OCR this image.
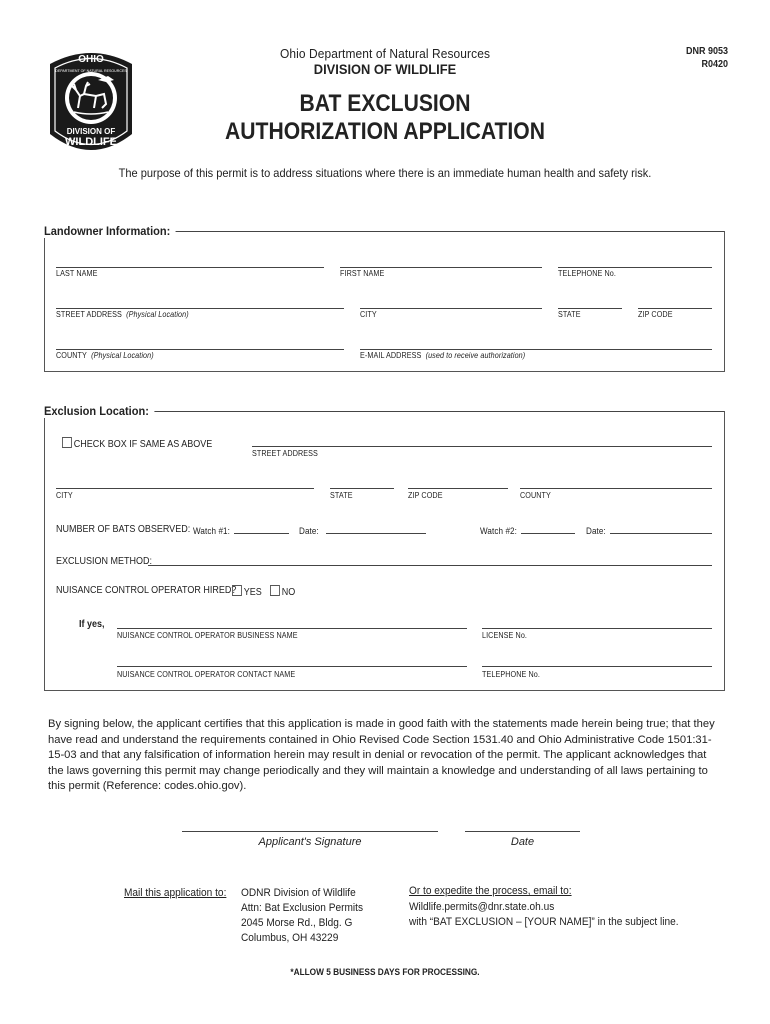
OHIO
DEPARTMENT OF NATURAL RESOURCES
DIVISION OF
WILDLIFE
Ohio Department of Natural Resources
DIVISION OF WILDLIFE
DNR 9053
R0420
BAT EXCLUSION
AUTHORIZATION APPLICATION
The purpose of this permit is to address situations where there is an immediate human health and safety risk.
Landowner Information:
LAST NAME	FIRST NAME	TELEPHONE No.
STREET ADDRESS (Physical Location)	CITY	STATE	ZIP CODE
COUNTY (Physical Location)	E-MAIL ADDRESS (used to receive authorization)
Exclusion Location:
CHECK BOX IF SAME AS ABOVE
STREET ADDRESS
CITY	STATE	ZIP CODE	COUNTY
NUMBER OF BATS OBSERVED: Watch #1:	Date:	Watch #2:	Date:
EXCLUSION METHOD:
NUISANCE CONTROL OPERATOR HIRED? YES	NO
If yes,
NUISANCE CONTROL OPERATOR BUSINESS NAME	LICENSE No.
NUISANCE CONTROL OPERATOR CONTACT NAME	TELEPHONE No.
By signing below, the applicant certifies that this application is made in good faith with the statements made herein being true; that they have read and understand the requirements contained in Ohio Revised Code Section 1531.40 and Ohio Administrative Code 1501:31-15-03 and that any falsification of information herein may result in denial or revocation of the permit. The applicant acknowledges that the laws governing this permit may change periodically and they will maintain a knowledge and understanding of all laws pertaining to this permit (Reference: codes.ohio.gov).
Applicant's Signature	Date
Mail this application to: ODNR Division of Wildlife
Attn: Bat Exclusion Permits
2045 Morse Rd., Bldg. G
Columbus, OH 43229
Or to expedite the process, email to:
Wildlife.permits@dnr.state.oh.us
with “BAT EXCLUSION – [YOUR NAME]” in the subject line.
*ALLOW 5 BUSINESS DAYS FOR PROCESSING.
